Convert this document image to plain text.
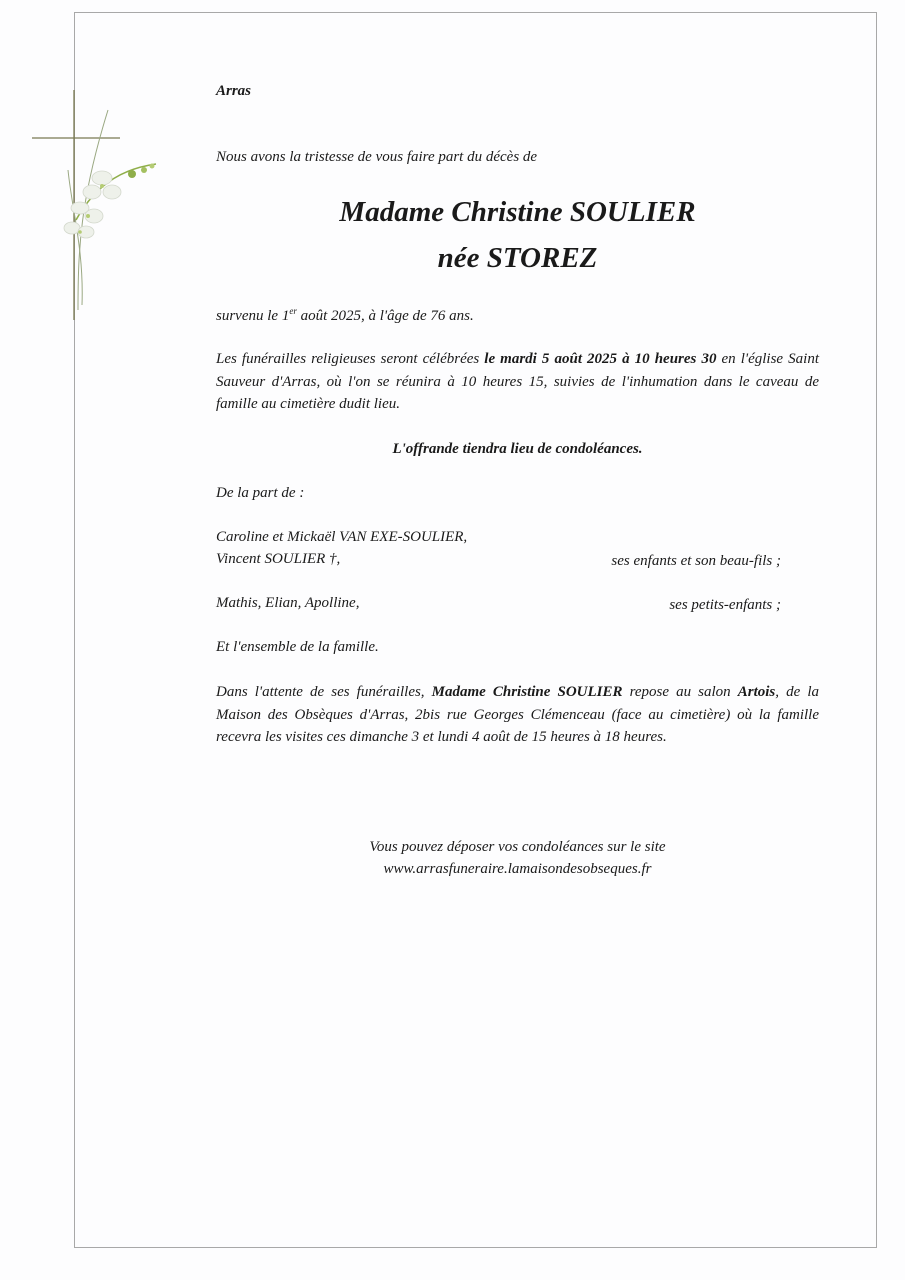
Arras
Nous avons la tristesse de vous faire part du décès de
Madame Christine SOULIER
née STOREZ
survenu le 1er août 2025, à l'âge de 76 ans.
Les funérailles religieuses seront célébrées le mardi 5 août 2025 à 10 heures 30 en l'église Saint Sauveur d'Arras, où l'on se réunira à 10 heures 15, suivies de l'inhumation dans le caveau de famille au cimetière dudit lieu.
L'offrande tiendra lieu de condoléances.
De la part de :
Caroline et Mickaël VAN EXE-SOULIER,
Vincent SOULIER †,	ses enfants et son beau-fils ;
Mathis, Elian, Apolline,	ses petits-enfants ;
Et l'ensemble de la famille.
Dans l'attente de ses funérailles, Madame Christine SOULIER repose au salon Artois, de la Maison des Obsèques d'Arras, 2bis rue Georges Clémenceau (face au cimetière) où la famille recevra les visites ces dimanche 3 et lundi 4 août de 15 heures à 18 heures.
Vous pouvez déposer vos condoléances sur le site
www.arrasfuneraire.lamaisondesobseques.fr
